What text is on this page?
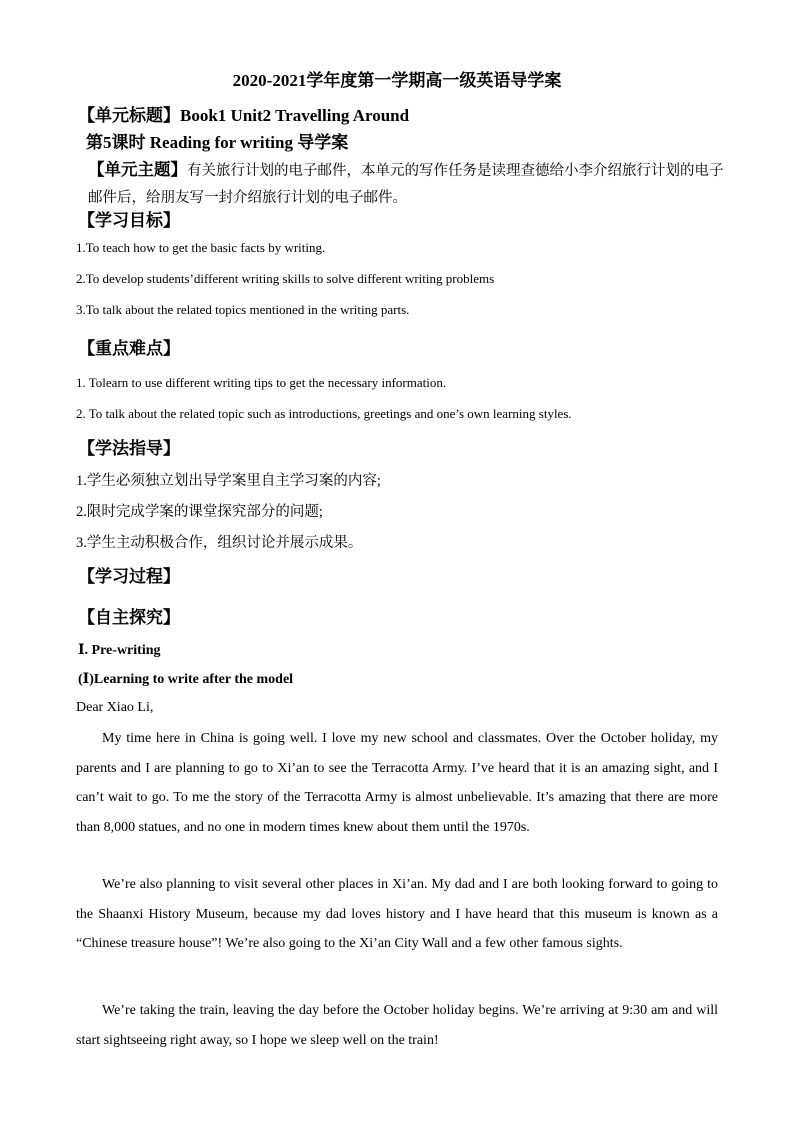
2020-2021学年度第一学期高一级英语导学案
【单元标题】Book1 Unit2 Travelling Around
第5课时 Reading for writing 导学案
【单元主题】有关旅行计划的电子邮件，本单元的写作任务是读理查德给小李介绍旅行计划的电子邮件后，给朋友写一封介绍旅行计划的电子邮件。
【学习目标】
1.To teach how to get the basic facts by writing.
2.To develop students’different writing skills to solve different writing problems
3.To talk about the related topics mentioned in the writing parts.
【重点难点】
1. Tolearn to use different writing tips to get the necessary information.
2. To talk about the related topic such as introductions, greetings and one’s own learning styles.
【学法指导】
1.学生必须独立划出导学案里自主学习案的内容;
2.限时完成学案的课堂探究部分的问题;
3.学生主动积极合作，组织讨论并展示成果。
【学习过程】
【自主探究】
Ⅰ. Pre-writing
(Ⅰ)Learning to write after the model
Dear Xiao Li,

My time here in China is going well. I love my new school and classmates. Over the October holiday, my parents and I are planning to go to Xi’an to see the Terracotta Army. I’ve heard that it is an amazing sight, and I can’t wait to go. To me the story of the Terracotta Army is almost unbelievable. It’s amazing that there are more than 8,000 statues, and no one in modern times knew about them until the 1970s.

We’re also planning to visit several other places in Xi’an. My dad and I are both looking forward to going to the Shaanxi History Museum, because my dad loves history and I have heard that this museum is known as a “Chinese treasure house”! We’re also going to the Xi’an City Wall and a few other famous sights.

We’re taking the train, leaving the day before the October holiday begins. We’re arriving at 9:30 am and will start sightseeing right away, so I hope we sleep well on the train!
